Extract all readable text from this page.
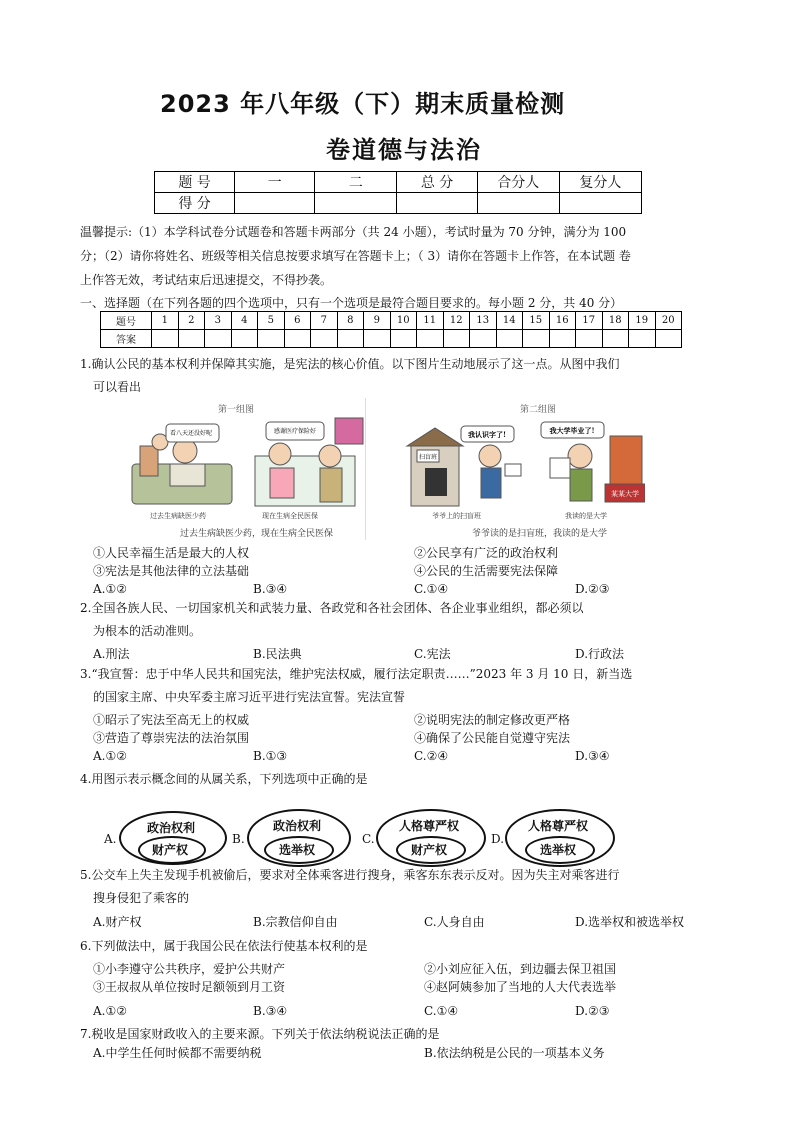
2023 年八年级（下）期末质量检测
卷道德与法治
题 号	一	二	总 分	合分人	复分人
得 分					
温馨提示:（1）本学科试卷分试题卷和答题卡两部分（共 24 小题），考试时量为 70 分钟，满分为 100
分；（2）请你将姓名、班级等相关信息按要求填写在答题卡上；（ 3）请你在答题卡上作答，在本试题 卷
上作答无效，考试结束后迅速提交，不得抄袭。
一、选择题（在下列各题的四个选项中，只有一个选项是最符合题目要求的。每小题 2 分，共 40 分）
题号	1	2	3	4	5	6	7	8	9	10	11	12	13	14	15	16	17	18	19	20
答案																				
1.确认公民的基本权利并保障其实施，是宪法的核心价值。以下图片生动地展示了这一点。从图中我们
可以看出
第一组图	第二组图
看八天还没好呢	感谢医疗保险好
过去生病缺医少药	现在生病全民医保
过去生病缺医少药，现在生病全民医保
扫盲班
我认识字了!	我大学毕业了!
某某大学
爷爷上的扫盲班	我读的是大学
爷爷读的是扫盲班，我读的是大学
①人民幸福生活是最大的人权	②公民享有广泛的政治权利
③宪法是其他法律的立法基础	④公民的生活需要宪法保障
A.①②	B.③④	C.①④	D.②③
2.全国各族人民、一切国家机关和武装力量、各政党和各社会团体、各企业事业组织，都必须以
为根本的活动准则。
A.刑法	B.民法典	C.宪法	D.行政法
3.“我宣誓：忠于中华人民共和国宪法，维护宪法权威，履行法定职责……”2023 年 3 月 10 日，新当选
的国家主席、中央军委主席习近平进行宪法宣誓。宪法宣誓
①昭示了宪法至高无上的权威	②说明宪法的制定修改更严格
③营造了尊崇宪法的法治氛围	④确保了公民能自觉遵守宪法
A.①②	B.①③	C.②④	D.③④
4.用图示表示概念间的从属关系，下列选项中正确的是
A.
政治权利
财产权
B.
政治权利
选举权
C.
人格尊严权
财产权
D.
人格尊严权
选举权
5.公交车上失主发现手机被偷后，要求对全体乘客进行搜身，乘客东东表示反对。因为失主对乘客进行
搜身侵犯了乘客的
A.财产权	B.宗教信仰自由	C.人身自由	D.选举权和被选举权
6.下列做法中，属于我国公民在依法行使基本权利的是
①小李遵守公共秩序，爱护公共财产	②小刘应征入伍，到边疆去保卫祖国
③王叔叔从单位按时足额领到月工资	④赵阿姨参加了当地的人大代表选举
A.①②	B.③④	C.①④	D.②③
7.税收是国家财政收入的主要来源。下列关于依法纳税说法正确的是
A.中学生任何时候都不需要纳税	B.依法纳税是公民的一项基本义务
